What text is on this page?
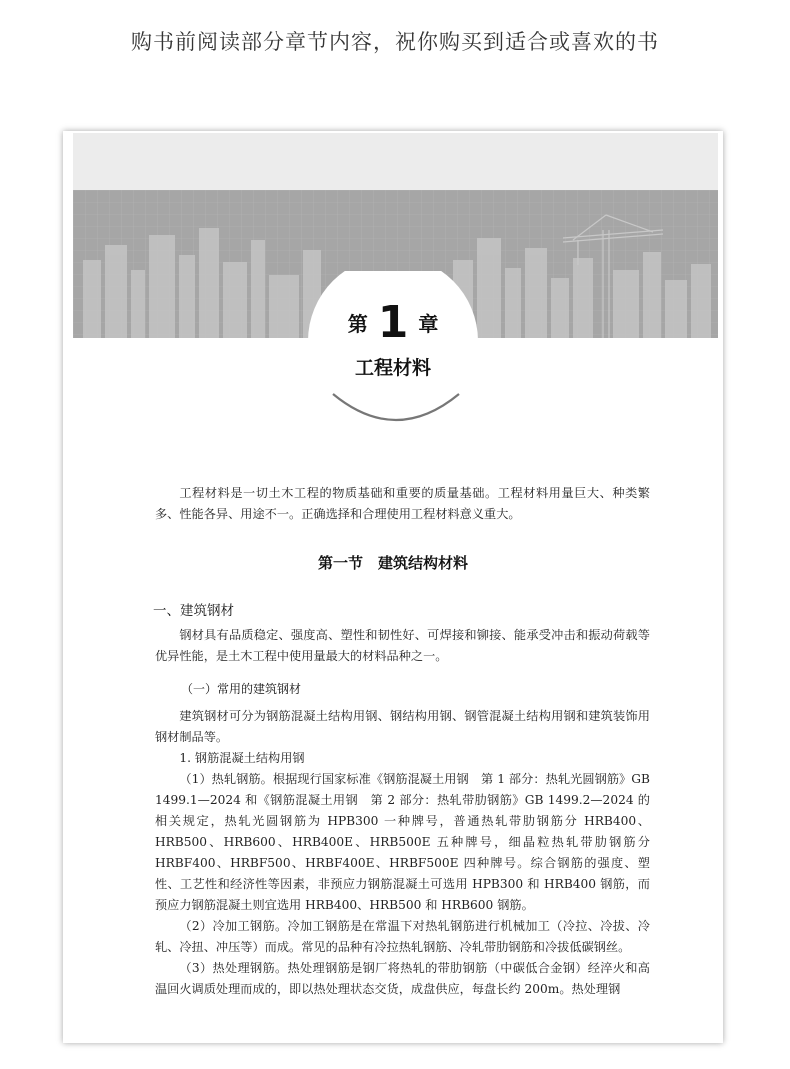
购书前阅读部分章节内容，祝你购买到适合或喜欢的书
第 1 章
工程材料

工程材料是一切土木工程的物质基础和重要的质量基础。工程材料用量巨大、种类繁多、性能各异、用途不一。正确选择和合理使用工程材料意义重大。

第一节　建筑结构材料
一、建筑钢材

钢材具有品质稳定、强度高、塑性和韧性好、可焊接和铆接、能承受冲击和振动荷载等优异性能，是土木工程中使用量最大的材料品种之一。

（一）常用的建筑钢材

建筑钢材可分为钢筋混凝土结构用钢、钢结构用钢、钢管混凝土结构用钢和建筑装饰用钢材制品等。

1. 钢筋混凝土结构用钢

（1）热轧钢筋。根据现行国家标准《钢筋混凝土用钢　第 1 部分：热轧光圆钢筋》GB 1499.1—2024 和《钢筋混凝土用钢　第 2 部分：热轧带肋钢筋》GB 1499.2—2024 的相关规定，热轧光圆钢筋为 HPB300 一种牌号，普通热轧带肋钢筋分 HRB400、HRB500、HRB600、HRB400E、HRB500E 五种牌号，细晶粒热轧带肋钢筋分 HRBF400、HRBF500、HRBF400E、HRBF500E 四种牌号。综合钢筋的强度、塑性、工艺性和经济性等因素，非预应力钢筋混凝土可选用 HPB300 和 HRB400 钢筋，而预应力钢筋混凝土则宜选用 HRB400、HRB500 和 HRB600 钢筋。

（2）冷加工钢筋。冷加工钢筋是在常温下对热轧钢筋进行机械加工（冷拉、冷拔、冷轧、冷扭、冲压等）而成。常见的品种有冷拉热轧钢筋、冷轧带肋钢筋和冷拔低碳钢丝。

（3）热处理钢筋。热处理钢筋是钢厂将热轧的带肋钢筋（中碳低合金钢）经淬火和高温回火调质处理而成的，即以热处理状态交货，成盘供应，每盘长约 200m。热处理钢
